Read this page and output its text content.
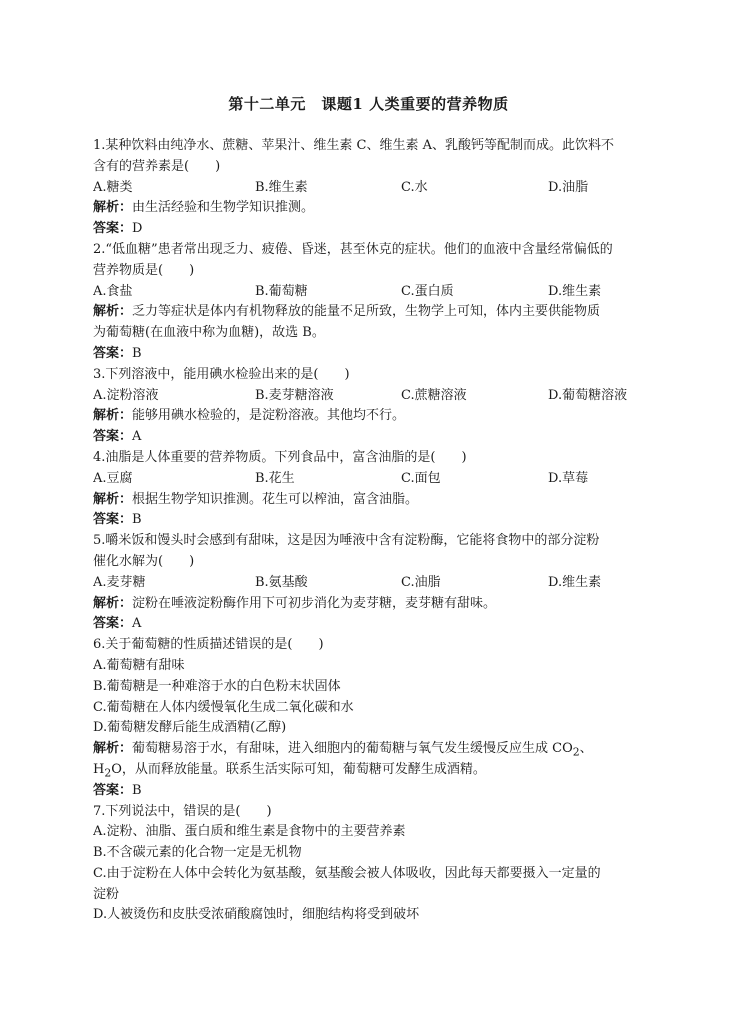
第十二单元　课题1 人类重要的营养物质
1.某种饮料由纯净水、蔗糖、苹果汁、维生素 C、维生素 A、乳酸钙等配制而成。此饮料不
含有的营养素是(　　)
A.糖类	B.维生素	C.水	D.油脂
解析：由生活经验和生物学知识推测。
答案：D
2.“低血糖”患者常出现乏力、疲倦、昏迷，甚至休克的症状。他们的血液中含量经常偏低的
营养物质是(　　)
A.食盐	B.葡萄糖	C.蛋白质	D.维生素
解析：乏力等症状是体内有机物释放的能量不足所致，生物学上可知，体内主要供能物质
为葡萄糖(在血液中称为血糖)，故选 B。
答案：B
3.下列溶液中，能用碘水检验出来的是(　　)
A.淀粉溶液	B.麦芽糖溶液	C.蔗糖溶液	D.葡萄糖溶液
解析：能够用碘水检验的，是淀粉溶液。其他均不行。
答案：A
4.油脂是人体重要的营养物质。下列食品中，富含油脂的是(　　)
A.豆腐	B.花生	C.面包	D.草莓
解析：根据生物学知识推测。花生可以榨油，富含油脂。
答案：B
5.嚼米饭和馒头时会感到有甜味，这是因为唾液中含有淀粉酶，它能将食物中的部分淀粉
催化水解为(　　)
A.麦芽糖	B.氨基酸	C.油脂	D.维生素
解析：淀粉在唾液淀粉酶作用下可初步消化为麦芽糖，麦芽糖有甜味。
答案：A
6.关于葡萄糖的性质描述错误的是(　　)
A.葡萄糖有甜味
B.葡萄糖是一种难溶于水的白色粉末状固体
C.葡萄糖在人体内缓慢氧化生成二氧化碳和水
D.葡萄糖发酵后能生成酒精(乙醇)
解析：葡萄糖易溶于水，有甜味，进入细胞内的葡萄糖与氧气发生缓慢反应生成 $CO_2$、
$H_2O$，从而释放能量。联系生活实际可知，葡萄糖可发酵生成酒精。
答案：B
7.下列说法中，错误的是(　　)
A.淀粉、油脂、蛋白质和维生素是食物中的主要营养素
B.不含碳元素的化合物一定是无机物
C.由于淀粉在人体中会转化为氨基酸，氨基酸会被人体吸收，因此每天都要摄入一定量的
淀粉
D.人被烫伤和皮肤受浓硝酸腐蚀时，细胞结构将受到破坏
